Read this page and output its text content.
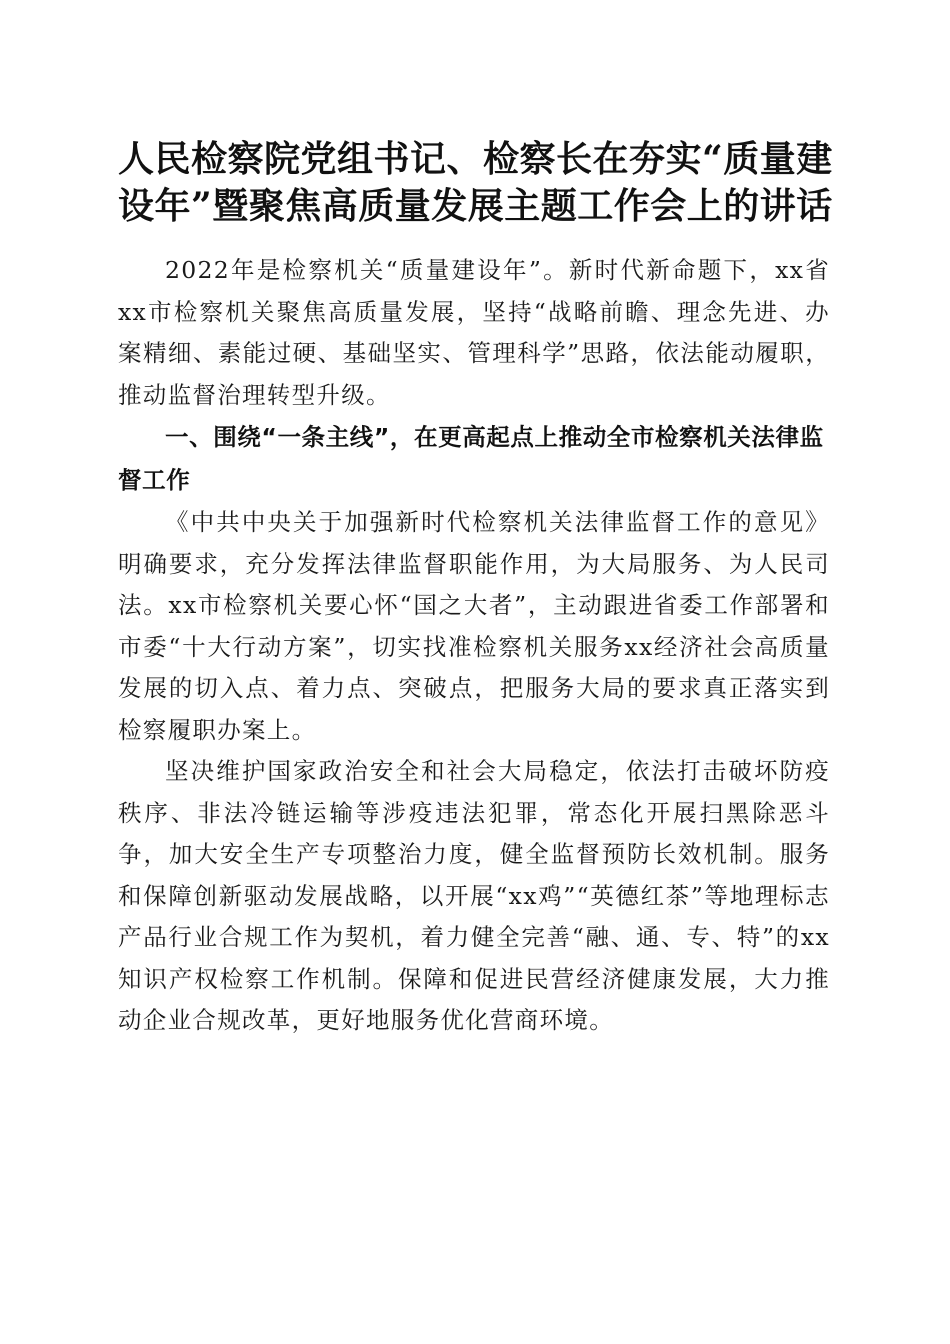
人民检察院党组书记、检察长在夯实“质量建设年”暨聚焦高质量发展主题工作会上的讲话

2022年是检察机关“质量建设年”。新时代新命题下，xx省xx市检察机关聚焦高质量发展，坚持“战略前瞻、理念先进、办案精细、素能过硬、基础坚实、管理科学”思路，依法能动履职，推动监督治理转型升级。

一、围绕“一条主线”，在更高起点上推动全市检察机关法律监督工作

《中共中央关于加强新时代检察机关法律监督工作的意见》明确要求，充分发挥法律监督职能作用，为大局服务、为人民司法。xx市检察机关要心怀“国之大者”，主动跟进省委工作部署和市委“十大行动方案”，切实找准检察机关服务xx经济社会高质量发展的切入点、着力点、突破点，把服务大局的要求真正落实到检察履职办案上。

坚决维护国家政治安全和社会大局稳定，依法打击破坏防疫秩序、非法冷链运输等涉疫违法犯罪，常态化开展扫黑除恶斗争，加大安全生产专项整治力度，健全监督预防长效机制。服务和保障创新驱动发展战略，以开展“xx鸡”“英德红茶”等地理标志产品行业合规工作为契机，着力健全完善“融、通、专、特”的xx知识产权检察工作机制。保障和促进民营经济健康发展，大力推动企业合规改革，更好地服务优化营商环境。
